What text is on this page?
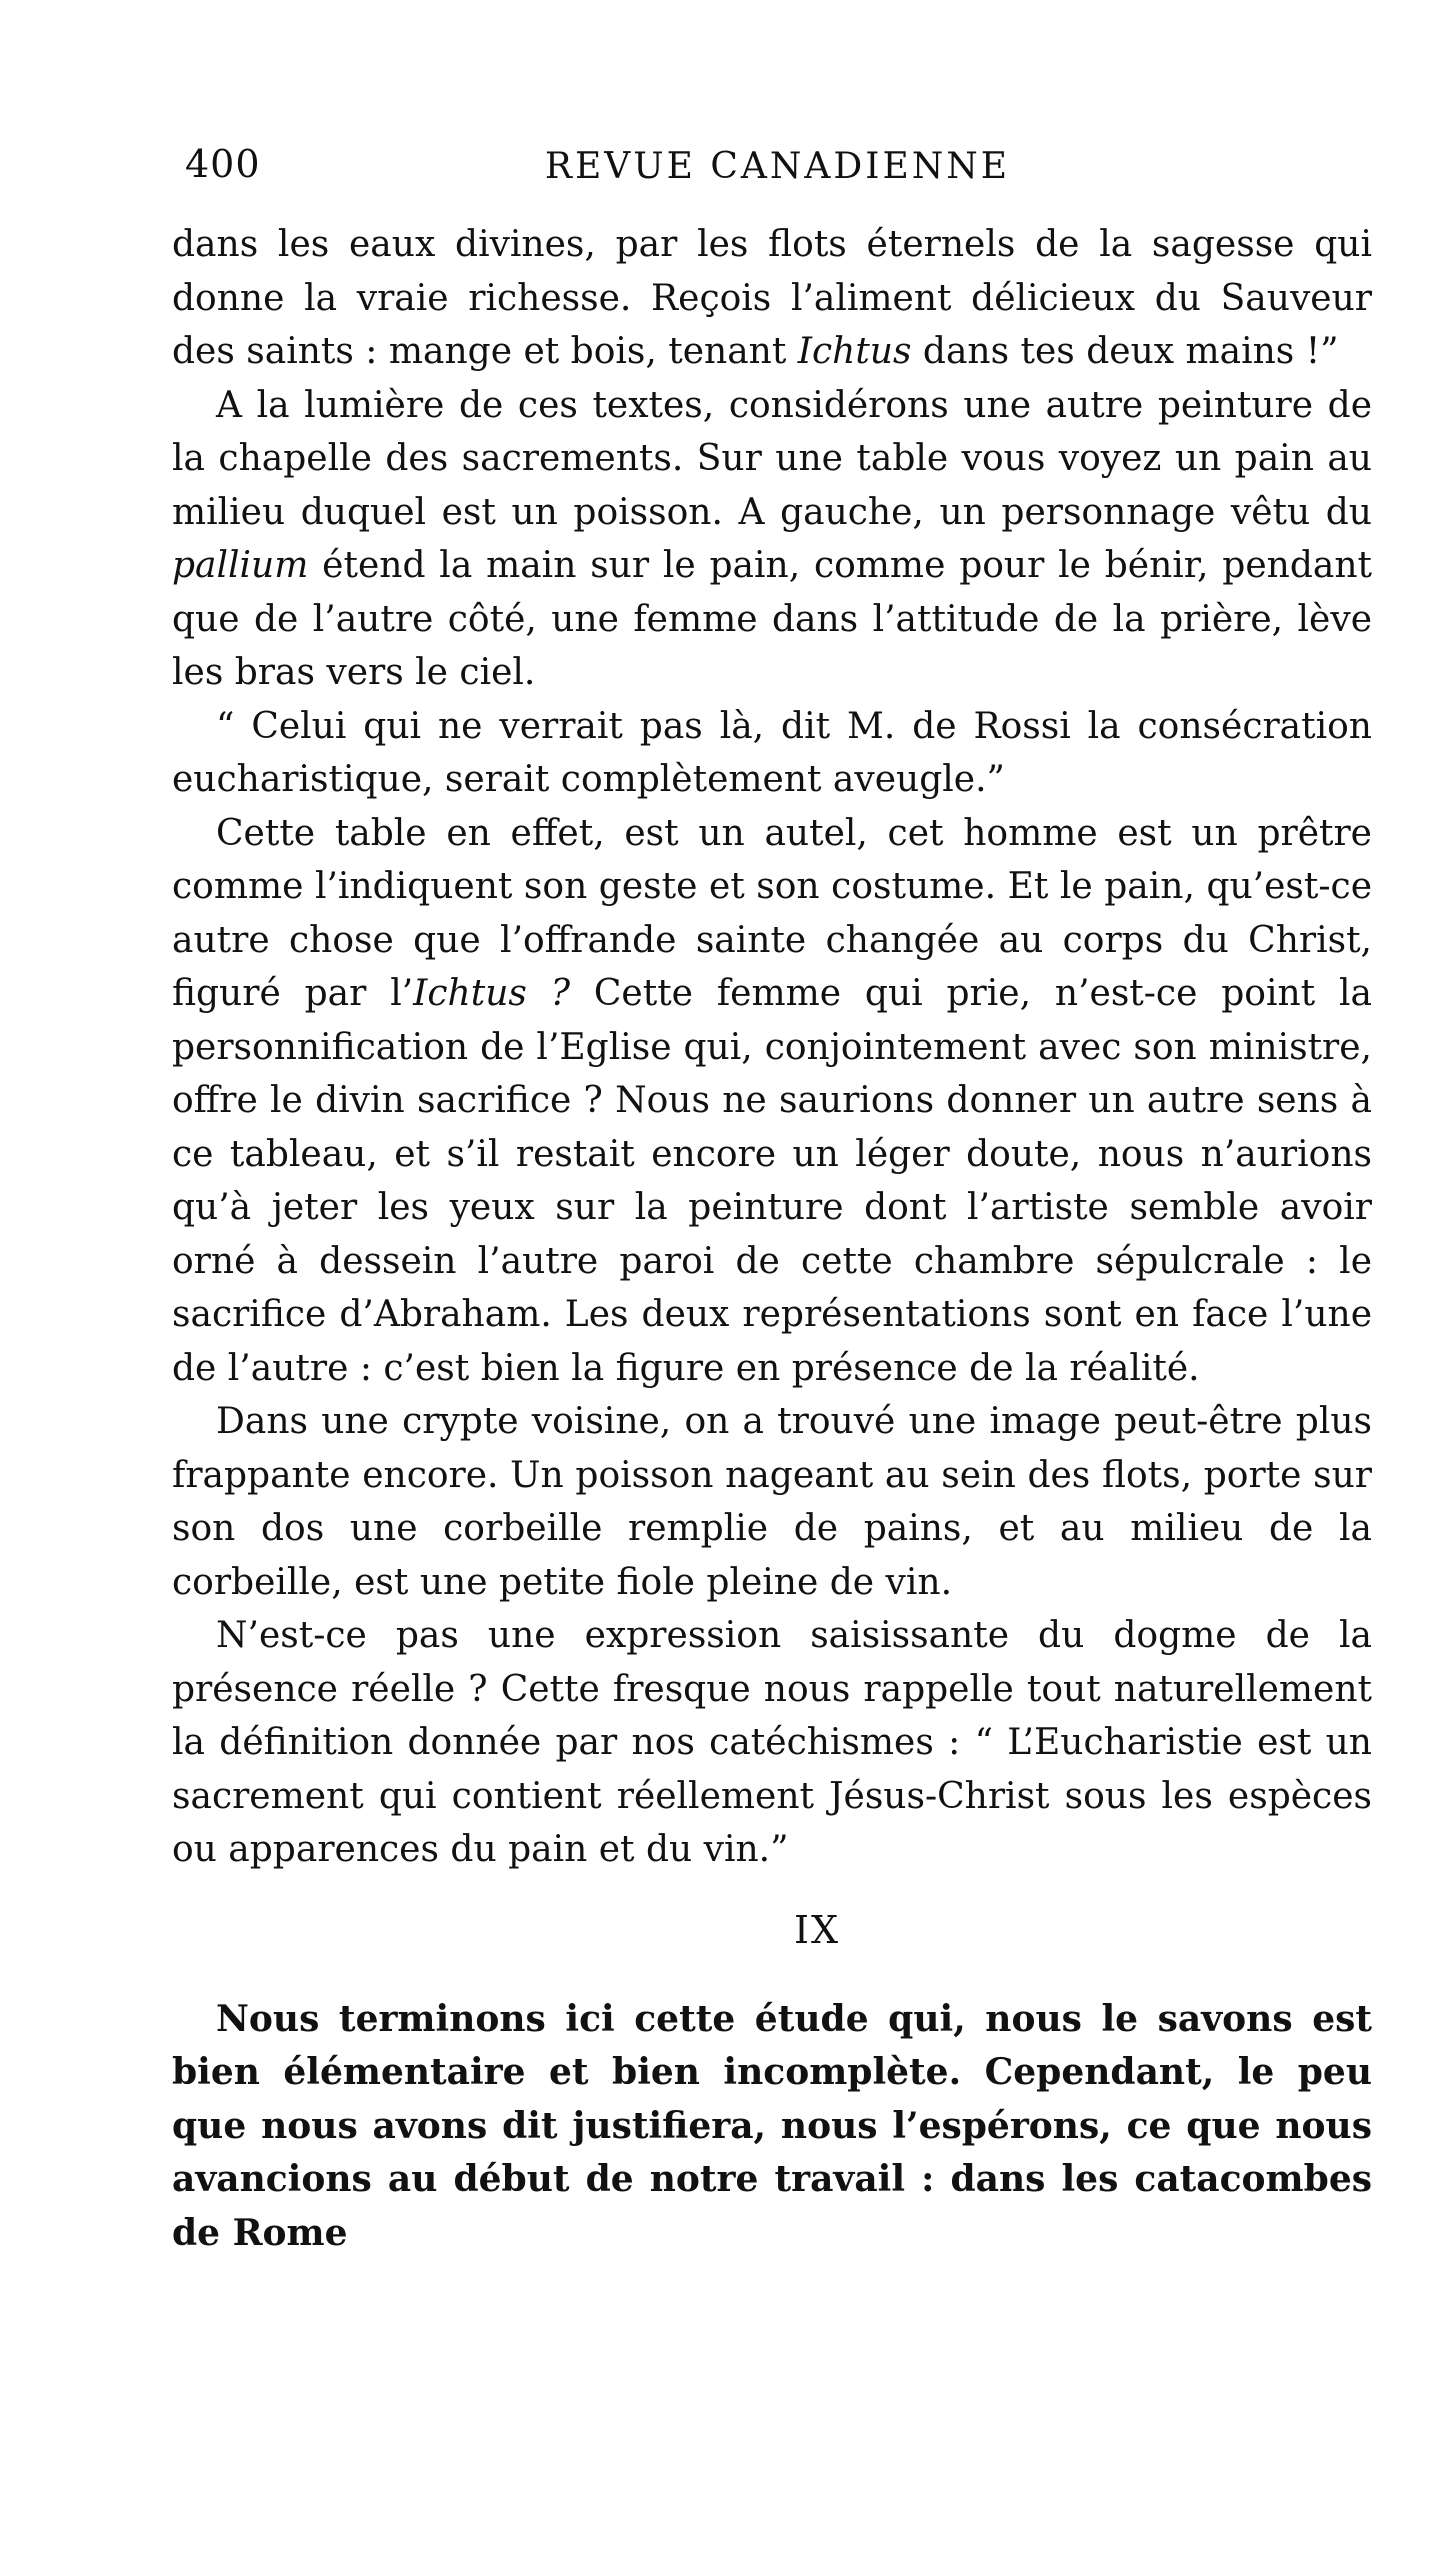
400	REVUE CANADIENNE

dans les eaux divines, par les flots éternels de la sagesse qui donne la vraie richesse. Reçois l’aliment délicieux du Sauveur des saints : mange et bois, tenant Ichtus dans tes deux mains !”

A la lumière de ces textes, considérons une autre peinture de la chapelle des sacrements. Sur une table vous voyez un pain au milieu duquel est un poisson. A gauche, un personnage vêtu du pallium étend la main sur le pain, comme pour le bénir, pendant que de l’autre côté, une femme dans l’attitude de la prière, lève les bras vers le ciel.

“ Celui qui ne verrait pas là, dit M. de Rossi la consécration eucharistique, serait complètement aveugle.”

Cette table en effet, est un autel, cet homme est un prêtre comme l’indiquent son geste et son costume. Et le pain, qu’est-ce autre chose que l’offrande sainte changée au corps du Christ, figuré par l’Ichtus ? Cette femme qui prie, n’est-ce point la personnification de l’Eglise qui, conjointement avec son ministre, offre le divin sacrifice ? Nous ne saurions donner un autre sens à ce tableau, et s’il restait encore un léger doute, nous n’aurions qu’à jeter les yeux sur la peinture dont l’artiste semble avoir orné à dessein l’autre paroi de cette chambre sépulcrale : le sacrifice d’Abraham. Les deux représentations sont en face l’une de l’autre : c’est bien la figure en présence de la réalité.

Dans une crypte voisine, on a trouvé une image peut-être plus frappante encore. Un poisson nageant au sein des flots, porte sur son dos une corbeille remplie de pains, et au milieu de la corbeille, est une petite fiole pleine de vin.

N’est-ce pas une expression saisissante du dogme de la présence réelle ? Cette fresque nous rappelle tout naturellement la définition donnée par nos catéchismes : “ L’Eucharistie est un sacrement qui contient réellement Jésus-Christ sous les espèces ou apparences du pain et du vin.”

IX

Nous terminons ici cette étude qui, nous le savons est bien élémentaire et bien incomplète. Cependant, le peu que nous avons dit justifiera, nous l’espérons, ce que nous avancions au début de notre travail : dans les catacombes de Rome
